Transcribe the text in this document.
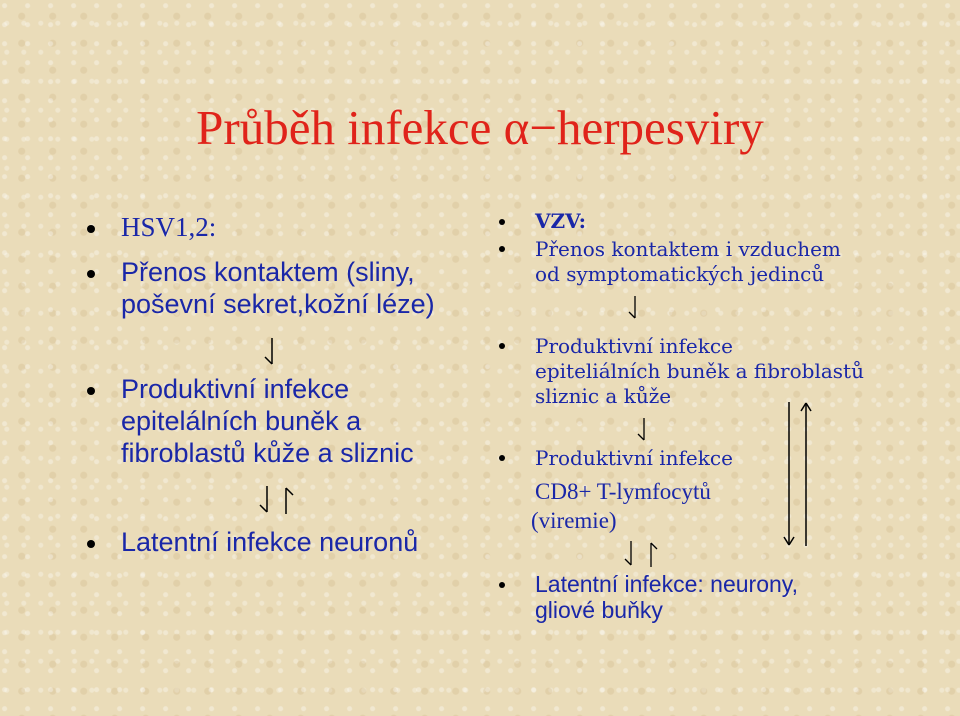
Průběh infekce α−herpesviry
HSV1,2:
Přenos kontaktem (sliny,
poševní sekret,kožní léze)
Produktivní infekce
epitelálních buněk a
fibroblastů kůže a sliznic
Latentní infekce neuronů
VZV:
Přenos kontaktem i vzduchem
od symptomatických jedinců
Produktivní infekce
epiteliálních buněk a fibroblastů
sliznic a kůže
Produktivní infekce
CD8+ T-lymfocytů
(viremie)
Latentní infekce: neurony,
gliové buňky
